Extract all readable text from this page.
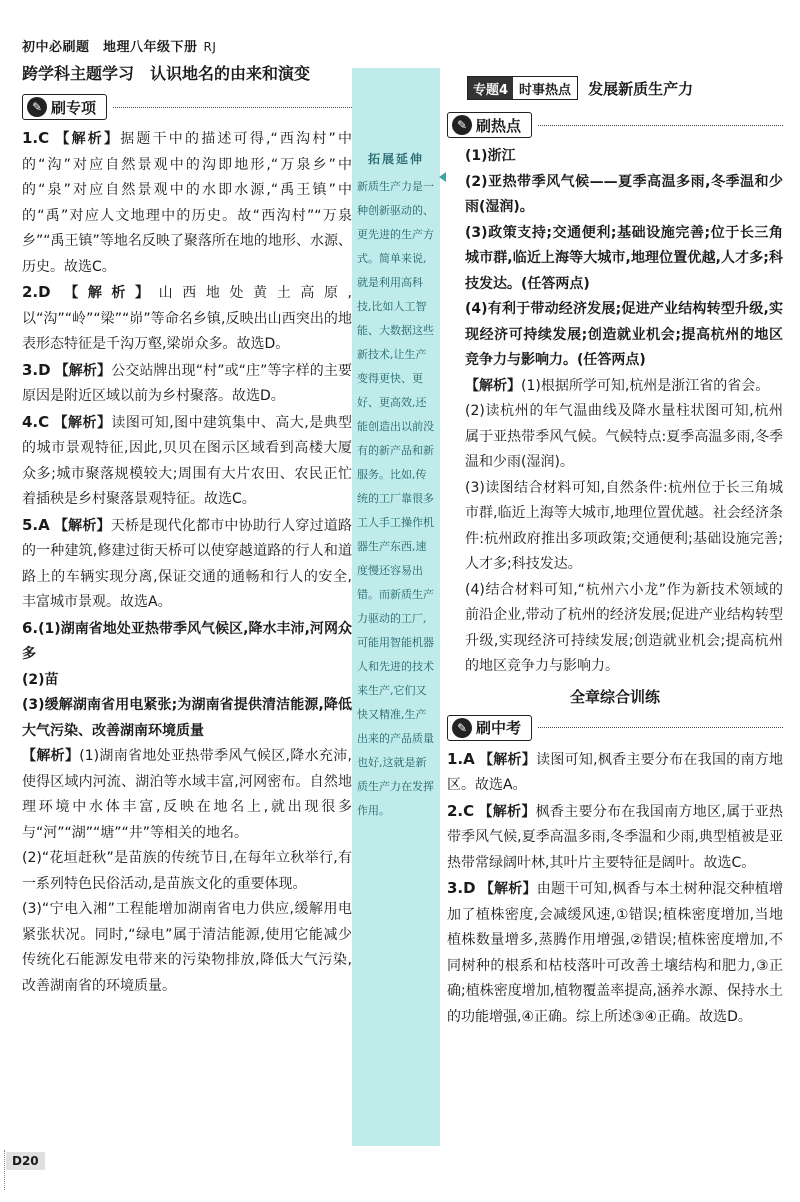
初中必刷题　地理八年级下册 RJ
跨学科主题学习　认识地名的由来和演变
✎ 刷专项
1.C 【解析】据题干中的描述可得,“西沟村”中的“沟”对应自然景观中的沟即地形,“万泉乡”中的“泉”对应自然景观中的水即水源,“禹王镇”中的“禹”对应人文地理中的历史。故“西沟村”“万泉乡”“禹王镇”等地名反映了聚落所在地的地形、水源、历史。故选C。
2.D 【解析】山西地处黄土高原,以“沟”“岭”“梁”“峁”等命名乡镇,反映出山西突出的地表形态特征是千沟万壑,梁峁众多。故选D。
3.D 【解析】公交站牌出现“村”或“庄”等字样的主要原因是附近区域以前为乡村聚落。故选D。
4.C 【解析】读图可知,图中建筑集中、高大,是典型的城市景观特征,因此,贝贝在图示区域看到高楼大厦众多;城市聚落规模较大;周围有大片农田、农民正忙着插秧是乡村聚落景观特征。故选C。
5.A 【解析】天桥是现代化都市中协助行人穿过道路的一种建筑,修建过街天桥可以使穿越道路的行人和道路上的车辆实现分离,保证交通的通畅和行人的安全,丰富城市景观。故选A。
6.(1)湖南省地处亚热带季风气候区,降水丰沛,河网众多
(2)苗
(3)缓解湖南省用电紧张;为湖南省提供清洁能源,降低大气污染、改善湖南环境质量
【解析】(1)湖南省地处亚热带季风气候区,降水充沛,使得区域内河流、湖泊等水域丰富,河网密布。自然地理环境中水体丰富,反映在地名上,就出现很多与“河”“湖”“塘”“井”等相关的地名。
(2)“花垣赶秋”是苗族的传统节日,在每年立秋举行,有一系列特色民俗活动,是苗族文化的重要体现。
(3)“宁电入湘”工程能增加湖南省电力供应,缓解用电紧张状况。同时,“绿电”属于清洁能源,使用它能减少传统化石能源发电带来的污染物排放,降低大气污染,改善湖南省的环境质量。
拓展延伸
新质生产力是一种创新驱动的、更先进的生产方式。简单来说,就是利用高科技,比如人工智能、大数据这些新技术,让生产变得更快、更好、更高效,还能创造出以前没有的新产品和新服务。比如,传统的工厂靠很多工人手工操作机器生产东西,速度慢还容易出错。而新质生产力驱动的工厂,可能用智能机器人和先进的技术来生产,它们又快又精准,生产出来的产品质量也好,这就是新质生产力在发挥作用。
专题4 时事热点	发展新质生产力
✎ 刷热点
(1)浙江
(2)亚热带季风气候——夏季高温多雨,冬季温和少雨(湿润)。
(3)政策支持;交通便利;基础设施完善;位于长三角城市群,临近上海等大城市,地理位置优越,人才多;科技发达。(任答两点)
(4)有利于带动经济发展;促进产业结构转型升级,实现经济可持续发展;创造就业机会;提高杭州的地区竞争力与影响力。(任答两点)
【解析】(1)根据所学可知,杭州是浙江省的省会。
(2)读杭州的年气温曲线及降水量柱状图可知,杭州属于亚热带季风气候。气候特点:夏季高温多雨,冬季温和少雨(湿润)。
(3)读图结合材料可知,自然条件:杭州位于长三角城市群,临近上海等大城市,地理位置优越。社会经济条件:杭州政府推出多项政策;交通便利;基础设施完善;人才多;科技发达。
(4)结合材料可知,“杭州六小龙”作为新技术领域的前沿企业,带动了杭州的经济发展;促进产业结构转型升级,实现经济可持续发展;创造就业机会;提高杭州的地区竞争力与影响力。
全章综合训练
✎ 刷中考
1.A 【解析】读图可知,枫香主要分布在我国的南方地区。故选A。
2.C 【解析】枫香主要分布在我国南方地区,属于亚热带季风气候,夏季高温多雨,冬季温和少雨,典型植被是亚热带常绿阔叶林,其叶片主要特征是阔叶。故选C。
3.D 【解析】由题干可知,枫香与本土树种混交种植增加了植株密度,会减缓风速,①错误;植株密度增加,当地植株数量增多,蒸腾作用增强,②错误;植株密度增加,不同树种的根系和枯枝落叶可改善土壤结构和肥力,③正确;植株密度增加,植物覆盖率提高,涵养水源、保持水土的功能增强,④正确。综上所述③④正确。故选D。
D20
